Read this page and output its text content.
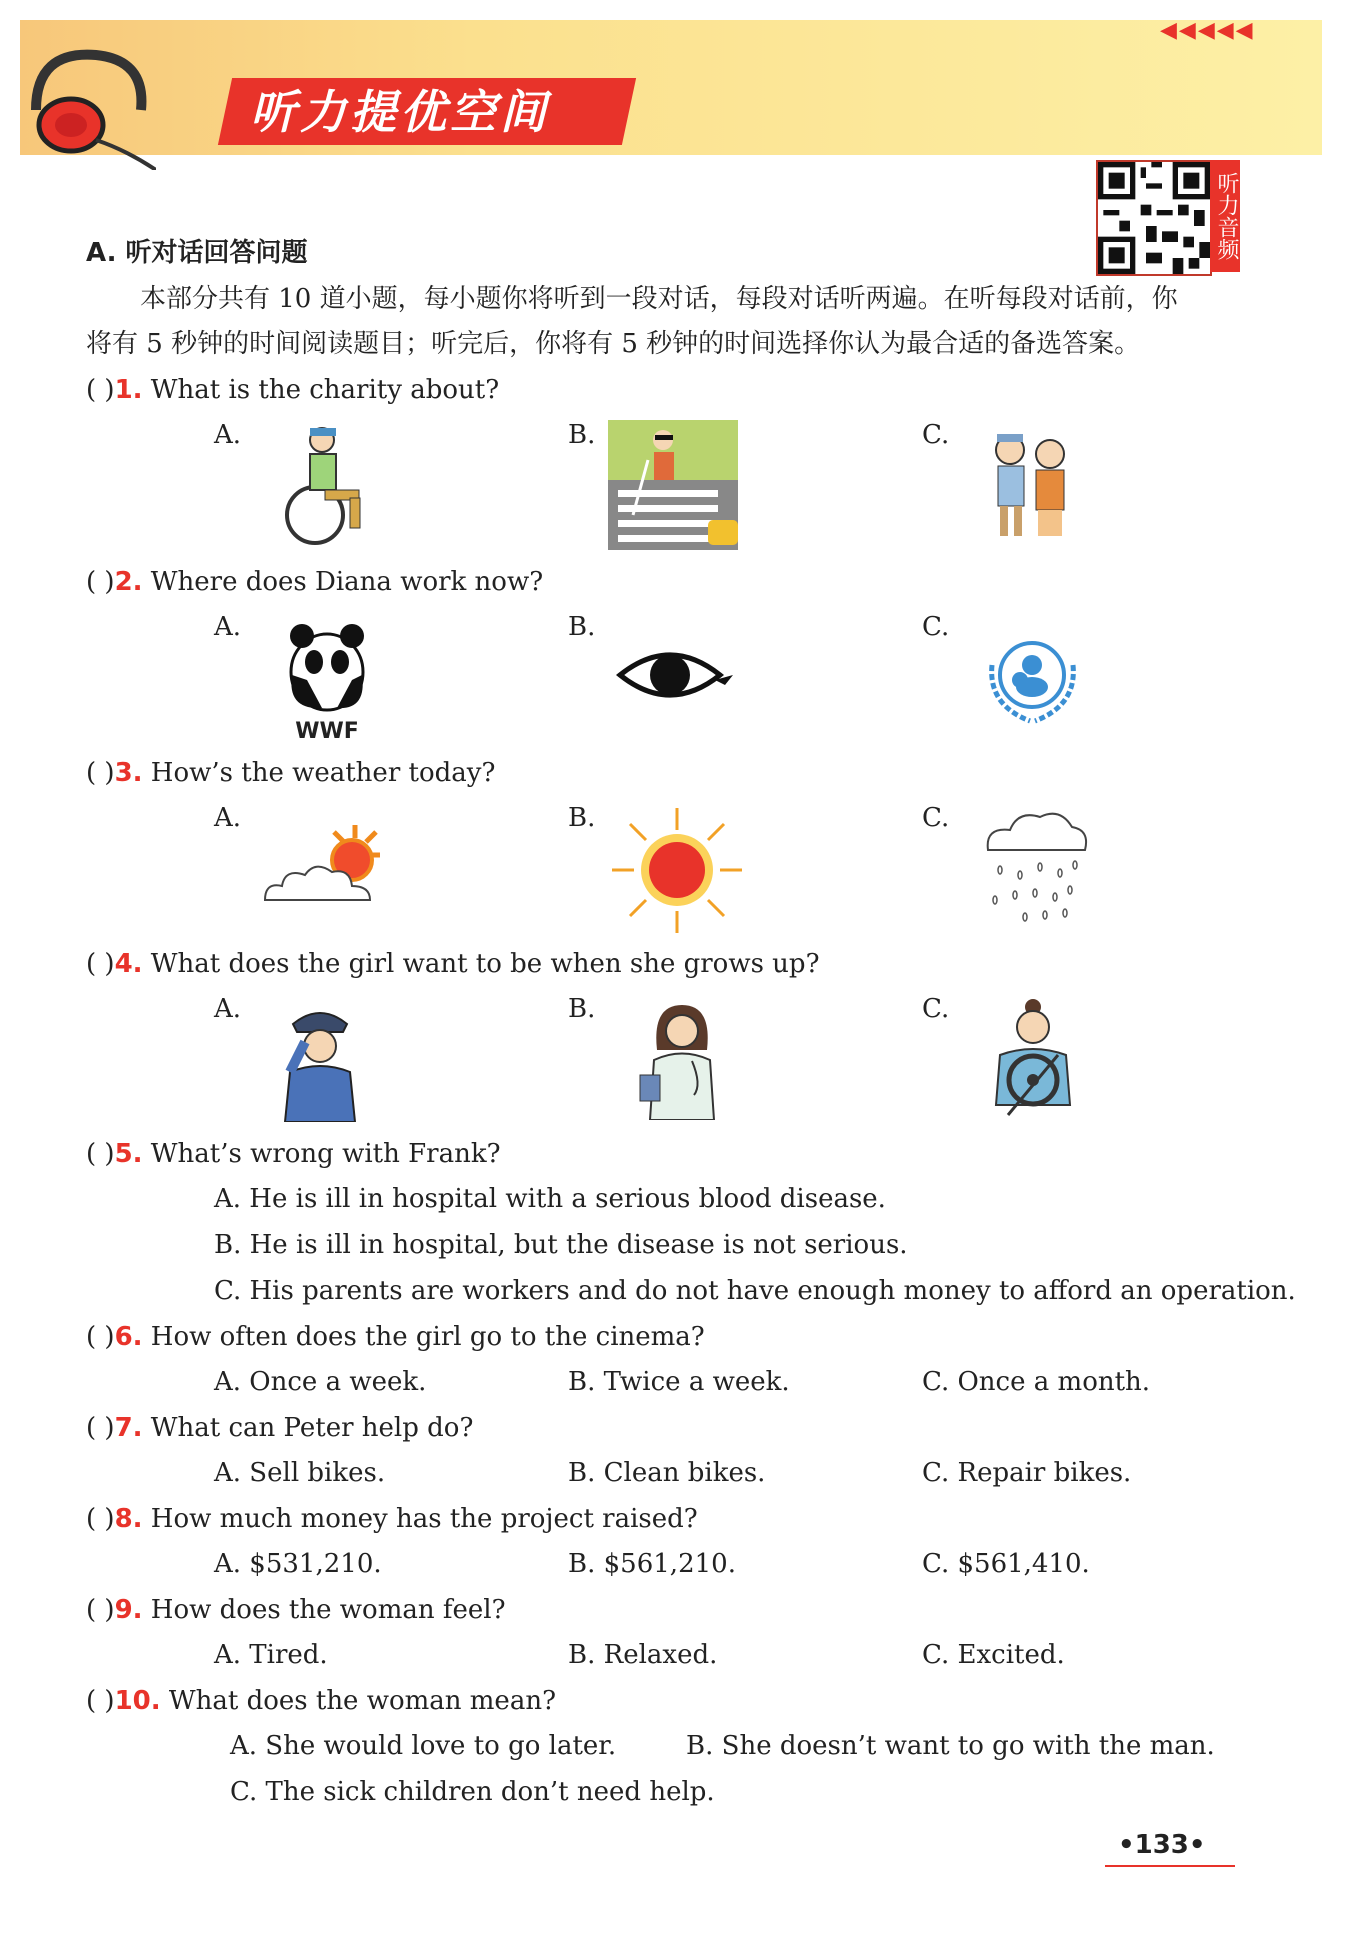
听力提优空间
◀◀◀◀◀
听力音频
A. 听对话回答问题
本部分共有 10 道小题，每小题你将听到一段对话，每段对话听两遍。在听每段对话前，你
将有 5 秒钟的时间阅读题目；听完后，你将有 5 秒钟的时间选择你认为最合适的备选答案。
( )1. What is the charity about?
A.	B.	C.
( )2. Where does Diana work now?
A.	B.	C.
WWF
( )3. How’s the weather today?
A.	B.	C.
( )4. What does the girl want to be when she grows up?
A.	B.	C.
( )5. What’s wrong with Frank?
A. He is ill in hospital with a serious blood disease.
B. He is ill in hospital, but the disease is not serious.
C. His parents are workers and do not have enough money to afford an operation.
( )6. How often does the girl go to the cinema?
A. Once a week.	B. Twice a week.	C. Once a month.
( )7. What can Peter help do?
A. Sell bikes.	B. Clean bikes.	C. Repair bikes.
( )8. How much money has the project raised?
A. $531,210.	B. $561,210.	C. $561,410.
( )9. How does the woman feel?
A. Tired.	B. Relaxed.	C. Excited.
( )10. What does the woman mean?
A. She would love to go later.	B. She doesn’t want to go with the man.
C. The sick children don’t need help.
•133•
